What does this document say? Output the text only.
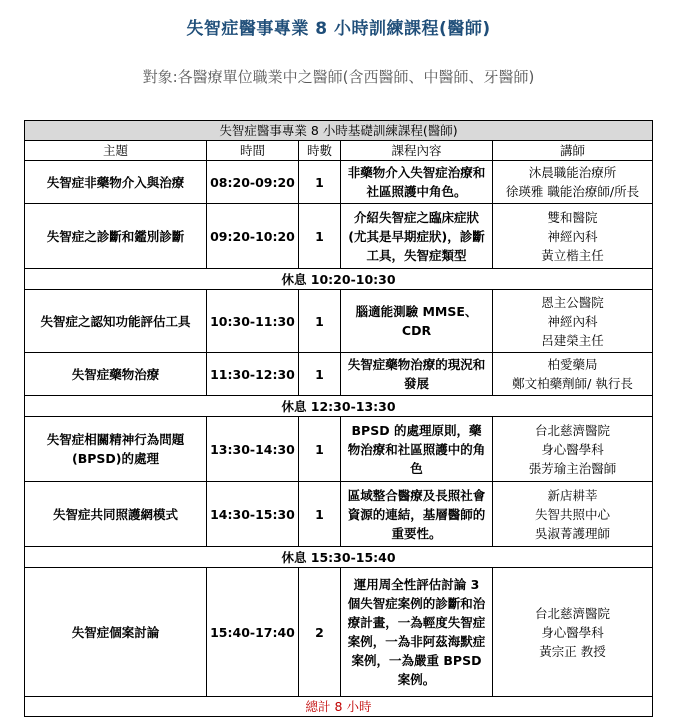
失智症醫事專業 8 小時訓練課程(醫師)
對象:各醫療單位職業中之醫師(含西醫師、中醫師、牙醫師)
失智症醫事專業 8 小時基礎訓練課程(醫師)				
主題	時間	時數	課程內容	講師
失智症非藥物介入與治療	08:20-09:20	1	非藥物介入失智症治療和社區照護中角色。	沐晨職能治療所
徐瑛雅 職能治療師/所長

失智症之診斷和鑑別診斷	09:20-10:20	1	介紹失智症之臨床症狀(尤其是早期症狀)，診斷工具，失智症類型	雙和醫院
神經內科
黃立楷主任

休息 10:20-10:30				
失智症之認知功能評估工具	10:30-11:30	1	腦適能測驗 MMSE、CDR	恩主公醫院
神經內科
呂建榮主任

失智症藥物治療	11:30-12:30	1	失智症藥物治療的現況和發展	柏愛藥局
鄭文柏藥劑師/ 執行長

休息 12:30-13:30				
失智症相關精神行為問題(BPSD)的處理	13:30-14:30	1	BPSD 的處理原則，藥物治療和社區照護中的角色	台北慈濟醫院
身心醫學科
張芳瑜主治醫師

失智症共同照護網模式	14:30-15:30	1	區域整合醫療及長照社會資源的連結，基層醫師的重要性。	新店耕莘
失智共照中心
吳淑菁護理師

休息 15:30-15:40				
失智症個案討論	15:40-17:40	2	運用周全性評估討論 3 個失智症案例的診斷和治療計畫，一為輕度失智症案例，一為非阿茲海默症案例，一為嚴重 BPSD 案例。	台北慈濟醫院
身心醫學科
黃宗正 教授

總計 8 小時				
